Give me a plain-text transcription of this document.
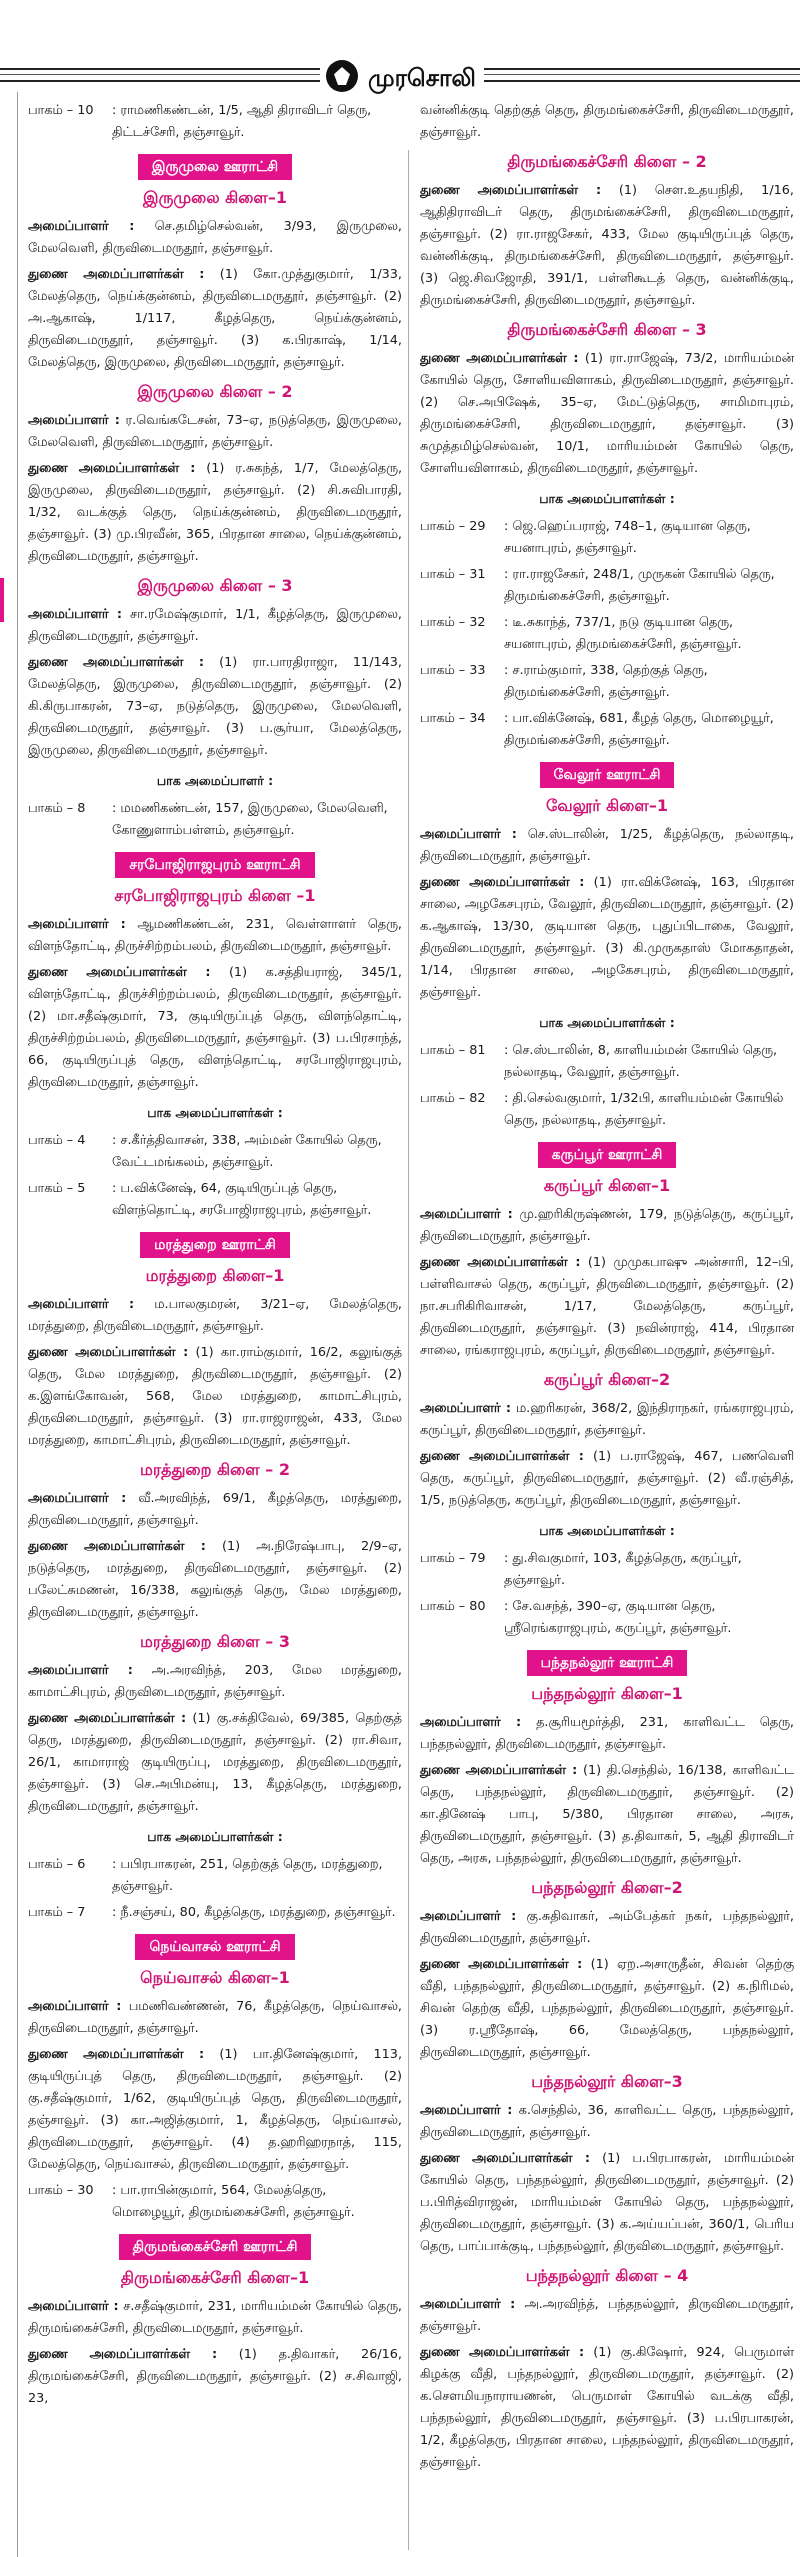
முரசொலி
பாகம் – 10	: ராமணிகண்டன், 1/5, ஆதி திராவிடர் தெரு, திட்டச்சேரி, தஞ்சாவூர்.
இருமுலை ஊராட்சி
இருமுலை கிளை–1
அமைப்பாளர் : செ.தமிழ்செல்வன், 3/93, இருமுலை, மேலவெளி, திருவிடைமருதூர், தஞ்சாவூர்.
துணை அமைப்பாளர்கள் : (1) கோ.முத்துகுமார், 1/33, மேலத்தெரு, நெய்க்குன்னம், திருவிடைமருதூர், தஞ்சாவூர். (2) அ.ஆகாஷ், 1/117, கீழத்தெரு, நெய்க்குன்னம், திருவிடைமருதூர், தஞ்சாவூர். (3) க.பிரகாஷ், 1/14, மேலத்தெரு, இருமுலை, திருவிடைமருதூர், தஞ்சாவூர்.
இருமுலை கிளை – 2
அமைப்பாளர் : ர.வெங்கடேசன், 73–ஏ, நடுத்தெரு, இருமுலை, மேலவெளி, திருவிடைமருதூர், தஞ்சாவூர்.
துணை அமைப்பாளர்கள் : (1) ர.சுகந்த், 1/7, மேலத்தெரு, இருமுலை, திருவிடைமருதூர், தஞ்சாவூர். (2) சி.சுவிபாரதி, 1/32, வடக்குத் தெரு, நெய்க்குன்னம், திருவிடைமருதூர், தஞ்சாவூர். (3) மு.பிரவீன், 365, பிரதான சாலை, நெய்க்குன்னம், திருவிடைமருதூர், தஞ்சாவூர்.
இருமுலை கிளை – 3
அமைப்பாளர் : சா.ரமேஷ்குமார், 1/1, கீழத்தெரு, இருமுலை, திருவிடைமருதூர், தஞ்சாவூர்.
துணை அமைப்பாளர்கள் : (1) ரா.பாரதிராஜா, 11/143, மேலத்தெரு, இருமுலை, திருவிடைமருதூர், தஞ்சாவூர். (2) கி.கிருபாகரன், 73–ஏ, நடுத்தெரு, இருமுலை, மேலவெளி, திருவிடைமருதூர், தஞ்சாவூர். (3) ப.சூர்யா, மேலத்தெரு, இருமுலை, திருவிடைமருதூர், தஞ்சாவூர்.
பாக அமைப்பாளர் :
பாகம் – 8	: மமணிகண்டன், 157, இருமுலை, மேலவெளி, கோணுளாம்பள்ளம், தஞ்சாவூர்.
சரபோஜிராஜபுரம் ஊராட்சி
சரபோஜிராஜபுரம் கிளை –1
அமைப்பாளர் : ஆமணிகண்டன், 231, வெள்ளாளர் தெரு, விளந்தோட்டி, திருச்சிற்றம்பலம், திருவிடைமருதூர், தஞ்சாவூர்.
துணை அமைப்பாளர்கள் : (1) க.சத்தியராஜ், 345/1, விளந்தோட்டி, திருச்சிற்றம்பலம், திருவிடைமருதூர், தஞ்சாவூர். (2) மா.சதீஷ்குமார், 73, குடியிருப்புத் தெரு, விளந்தொட்டி, திருச்சிற்றம்பலம், திருவிடைமருதூர், தஞ்சாவூர். (3) ப.பிரசாந்த், 66, குடியிருப்புத் தெரு, விளந்தொட்டி, சரபோஜிராஜபுரம், திருவிடைமருதூர், தஞ்சாவூர்.
பாக அமைப்பாளர்கள் :
பாகம் – 4	: ச.கீர்த்திவாசன், 338, அம்மன் கோயில் தெரு, வேட்டமங்கலம், தஞ்சாவூர்.
பாகம் – 5	: ப.விக்னேஷ், 64, குடியிருப்புத் தெரு, விளந்தொட்டி, சரபோஜிராஜபுரம், தஞ்சாவூர்.
மரத்துறை ஊராட்சி
மரத்துறை கிளை–1
அமைப்பாளர் : ம.பாலகுமரன், 3/21–ஏ, மேலத்தெரு, மரத்துறை, திருவிடைமருதூர், தஞ்சாவூர்.
துணை அமைப்பாளர்கள் : (1) கா.ராம்குமார், 16/2, கலுங்குத் தெரு, மேல மரத்துறை, திருவிடைமருதூர், தஞ்சாவூர். (2) க.இளங்கோவன், 568, மேல மரத்துறை, காமாட்சிபுரம், திருவிடைமருதூர், தஞ்சாவூர். (3) ரா.ராஜராஜன், 433, மேல மரத்துறை, காமாட்சிபுரம், திருவிடைமருதூர், தஞ்சாவூர்.
மரத்துறை கிளை – 2
அமைப்பாளர் : வீ.அரவிந்த், 69/1, கீழத்தெரு, மரத்துறை, திருவிடைமருதூர், தஞ்சாவூர்.
துணை அமைப்பாளர்கள் : (1) அ.நிரேஷ்பாபு, 2/9–ஏ, நடுத்தெரு, மரத்துறை, திருவிடைமருதூர், தஞ்சாவூர். (2) பலேட்சுமணன், 16/338, கலுங்குத் தெரு, மேல மரத்துறை, திருவிடைமருதூர், தஞ்சாவூர்.
மரத்துறை கிளை – 3
அமைப்பாளர் : அ.அரவிந்த், 203, மேல மரத்துறை, காமாட்சிபுரம், திருவிடைமருதூர், தஞ்சாவூர்.
துணை அமைப்பாளர்கள் : (1) கு.சக்திவேல், 69/385, தெற்குத் தெரு, மரத்துறை, திருவிடைமருதூர், தஞ்சாவூர். (2) ரா.சிவா, 26/1, காமாராஜ் குடியிருப்பு, மரத்துறை, திருவிடைமருதூர், தஞ்சாவூர். (3) செ.அபிமன்யு, 13, கீழத்தெரு, மரத்துறை, திருவிடைமருதூர், தஞ்சாவூர்.
பாக அமைப்பாளர்கள் :
பாகம் – 6	: பபிரபாகரன், 251, தெற்குத் தெரு, மரத்துறை, தஞ்சாவூர்.
பாகம் – 7	: நீ.சஞ்சய், 80, கீழத்தெரு, மரத்துறை, தஞ்சாவூர்.
நெய்வாசல் ஊராட்சி
நெய்வாசல் கிளை–1
அமைப்பாளர் : பமணிவண்ணன், 76, கீழத்தெரு, நெய்வாசல், திருவிடைமருதூர், தஞ்சாவூர்.
துணை அமைப்பாளர்கள் : (1) பா.தினேஷ்குமார், 113, குடியிருப்புத் தெரு, திருவிடைமருதூர், தஞ்சாவூர். (2) கு.சதீஷ்குமார், 1/62, குடியிருப்புத் தெரு, திருவிடைமருதூர், தஞ்சாவூர். (3) கா.அஜித்குமார், 1, கீழத்தெரு, நெய்வாசல், திருவிடைமருதூர், தஞ்சாவூர். (4) த.ஹரிஹரநாத், 115, மேலத்தெரு, நெய்வாசல், திருவிடைமருதூர், தஞ்சாவூர்.
பாகம் – 30	: பா.ராபின்குமார், 564, மேலத்தெரு, மொழையூர், திருமங்கைச்சேரி, தஞ்சாவூர்.
திருமங்கைச்சேரி ஊராட்சி
திருமங்கைச்சேரி கிளை–1
அமைப்பாளர் : ச.சதீஷ்குமார், 231, மாரியம்மன் கோயில் தெரு, திருமங்கைச்சேரி, திருவிடைமருதூர், தஞ்சாவூர்.
துணை அமைப்பாளர்கள் : (1) த.திவாகர், 26/16, திருமங்கைச்சேரி, திருவிடைமருதூர், தஞ்சாவூர். (2) ச.சிவாஜி, 23,
வன்னிக்குடி தெற்குத் தெரு, திருமங்கைச்சேரி, திருவிடைமருதூர், தஞ்சாவூர்.
திருமங்கைச்சேரி கிளை – 2
துணை அமைப்பாளர்கள் : (1) செள.உதயநிதி, 1/16, ஆதிதிராவிடர் தெரு, திருமங்கைச்சேரி, திருவிடைமருதூர், தஞ்சாவூர். (2) ரா.ராஜசேகர், 433, மேல குடியிருப்புத் தெரு, வன்னிக்குடி, திருமங்கைச்சேரி, திருவிடைமருதூர், தஞ்சாவூர். (3) ஜெ.சிவஜோதி, 391/1, பள்ளிகூடத் தெரு, வன்னிக்குடி, திருமங்கைச்சேரி, திருவிடைமருதூர், தஞ்சாவூர்.
திருமங்கைச்சேரி கிளை – 3
துணை அமைப்பாளர்கள் : (1) ரா.ராஜேஷ், 73/2, மாரியம்மன் கோயில் தெரு, சோளியவிளாகம், திருவிடைமருதூர், தஞ்சாவூர். (2) செ.அபிஷேக், 35–ஏ, மேட்டுத்தெரு, சாமிமாபுரம், திருமங்கைச்சேரி, திருவிடைமருதூர், தஞ்சாவூர். (3) சுமுத்தமிழ்செல்வன், 10/1, மாரியம்மன் கோயில் தெரு, சோளியவிளாகம், திருவிடைமருதூர், தஞ்சாவூர்.
பாக அமைப்பாளர்கள் :
பாகம் – 29	: ஜெ.ஹெப்பராஜ், 748–1, குடியான தெரு, சயனாபுரம், தஞ்சாவூர்.
பாகம் – 31	: ரா.ராஜசேகர், 248/1, முருகன் கோயில் தெரு, திருமங்கைச்சேரி, தஞ்சாவூர்.
பாகம் – 32	: டீ.சுகாந்த், 737/1, நடு குடியான தெரு, சயனாபுரம், திருமங்கைச்சேரி, தஞ்சாவூர்.
பாகம் – 33	: ச.ராம்குமார், 338, தெற்குத் தெரு, திருமங்கைச்சேரி, தஞ்சாவூர்.
பாகம் – 34	: பா.விக்னேஷ், 681, கீழத் தெரு, மொழையூர், திருமங்கைச்சேரி, தஞ்சாவூர்.
வேலூர் ஊராட்சி
வேலூர் கிளை–1
அமைப்பாளர் : செ.ஸ்டாலின், 1/25, கீழத்தெரு, நல்லாதடி, திருவிடைமருதூர், தஞ்சாவூர்.
துணை அமைப்பாளர்கள் : (1) ரா.விக்னேஷ், 163, பிரதான சாலை, அழகேசபுரம், வேலூர், திருவிடைமருதூர், தஞ்சாவூர். (2) க.ஆகாஷ், 13/30, குடியான தெரு, புதுப்பிடாகை, வேலூர், திருவிடைமருதூர், தஞ்சாவூர். (3) கி.முருகதாஸ் மோகதாதன், 1/14, பிரதான சாலை, அழகேசபுரம், திருவிடைமருதூர், தஞ்சாவூர்.
பாக அமைப்பாளர்கள் :
பாகம் – 81	: செ.ஸ்டாலின், 8, காளியம்மன் கோயில் தெரு, நல்லாதடி, வேலூர், தஞ்சாவூர்.
பாகம் – 82	: தி.செல்வகுமார், 1/32பி, காளியம்மன் கோயில் தெரு, நல்லாதடி, தஞ்சாவூர்.
கருப்பூர் ஊராட்சி
கருப்பூர் கிளை–1
அமைப்பாளர் : மு.ஹரிகிருஷ்ணன், 179, நடுத்தெரு, கருப்பூர், திருவிடைமருதூர், தஞ்சாவூர்.
துணை அமைப்பாளர்கள் : (1) முமுகபாஷு அன்சாரி, 12–பி, பள்ளிவாசல் தெரு, கருப்பூர், திருவிடைமருதூர், தஞ்சாவூர். (2) நா.சபரிகிரிவாசன், 1/17, மேலத்தெரு, கருப்பூர், திருவிடைமருதூர், தஞ்சாவூர். (3) நவின்ராஜ், 414, பிரதான சாலை, ரங்கராஜபுரம், கருப்பூர், திருவிடைமருதூர், தஞ்சாவூர்.
கருப்பூர் கிளை–2
அமைப்பாளர் : ம.ஹரிகரன், 368/2, இந்திராநகர், ரங்கராஜபுரம், கருப்பூர், திருவிடைமருதூர், தஞ்சாவூர்.
துணை அமைப்பாளர்கள் : (1) ப.ராஜேஷ், 467, பணவெளி தெரு, கருப்பூர், திருவிடைமருதூர், தஞ்சாவூர். (2) வீ.ரஞ்சித், 1/5, நடுத்தெரு, கருப்பூர், திருவிடைமருதூர், தஞ்சாவூர்.
பாக அமைப்பாளர்கள் :
பாகம் – 79	: து.சிவகுமார், 103, கீழத்தெரு, கருப்பூர், தஞ்சாவூர்.
பாகம் – 80	: சே.வசந்த், 390–ஏ, குடியான தெரு, ஸ்ரீரெங்கராஜபுரம், கருப்பூர், தஞ்சாவூர்.
பந்தநல்லூர் ஊராட்சி
பந்தநல்லூர் கிளை–1
அமைப்பாளர் : த.சூரியமூர்த்தி, 231, காளிவட்ட தெரு, பந்தநல்லூர், திருவிடைமருதூர், தஞ்சாவூர்.
துணை அமைப்பாளர்கள் : (1) தி.செந்தில், 16/138, காளிவட்ட தெரு, பந்தநல்லூர், திருவிடைமருதூர், தஞ்சாவூர். (2) கா.தினேஷ் பாபு, 5/380, பிரதான சாலை, அரசு, திருவிடைமருதூர், தஞ்சாவூர். (3) த.திவாகர், 5, ஆதி திராவிடர் தெரு, அரசு, பந்தநல்லூர், திருவிடைமருதூர், தஞ்சாவூர்.
பந்தநல்லூர் கிளை–2
அமைப்பாளர் : கு.சுதிவாகர், அம்பேத்கர் நகர், பந்தநல்லூர், திருவிடைமருதூர், தஞ்சாவூர்.
துணை அமைப்பாளர்கள் : (1) ஏற.அசாருதீன், சிவன் தெற்கு வீதி, பந்தநல்லூர், திருவிடைமருதூர், தஞ்சாவூர். (2) க.நிரிமல், சிவன் தெற்கு வீதி, பந்தநல்லூர், திருவிடைமருதூர், தஞ்சாவூர். (3) ர.ஸ்ரீதோஷ், 66, மேலத்தெரு, பந்தநல்லூர், திருவிடைமருதூர், தஞ்சாவூர்.
பந்தநல்லூர் கிளை–3
அமைப்பாளர் : க.செந்தில், 36, காளிவட்ட தெரு, பந்தநல்லூர், திருவிடைமருதூர், தஞ்சாவூர்.
துணை அமைப்பாளர்கள் : (1) ப.பிரபாகரன், மாரியம்மன் கோயில் தெரு, பந்தநல்லூர், திருவிடைமருதூர், தஞ்சாவூர். (2) ப.பிரித்விராஜன், மாரியம்மன் கோயில் தெரு, பந்தநல்லூர், திருவிடைமருதூர், தஞ்சாவூர். (3) க.அய்யப்பன், 360/1, பெரிய தெரு, பாப்பாக்குடி, பந்தநல்லூர், திருவிடைமருதூர், தஞ்சாவூர்.
பந்தநல்லூர் கிளை – 4
அமைப்பாளர் : அ.அரவிந்த், பந்தநல்லூர், திருவிடைமருதூர், தஞ்சாவூர்.
துணை அமைப்பாளர்கள் : (1) கு.கிஷோர், 924, பெருமாள் கிழக்கு வீதி, பந்தநல்லூர், திருவிடைமருதூர், தஞ்சாவூர். (2) க.சௌமியநாராயணன், பெருமாள் கோயில் வடக்கு வீதி, பந்தநல்லூர், திருவிடைமருதூர், தஞ்சாவூர். (3) ப.பிரபாகரன், 1/2, கீழத்தெரு, பிரதான சாலை, பந்தநல்லூர், திருவிடைமருதூர், தஞ்சாவூர்.
